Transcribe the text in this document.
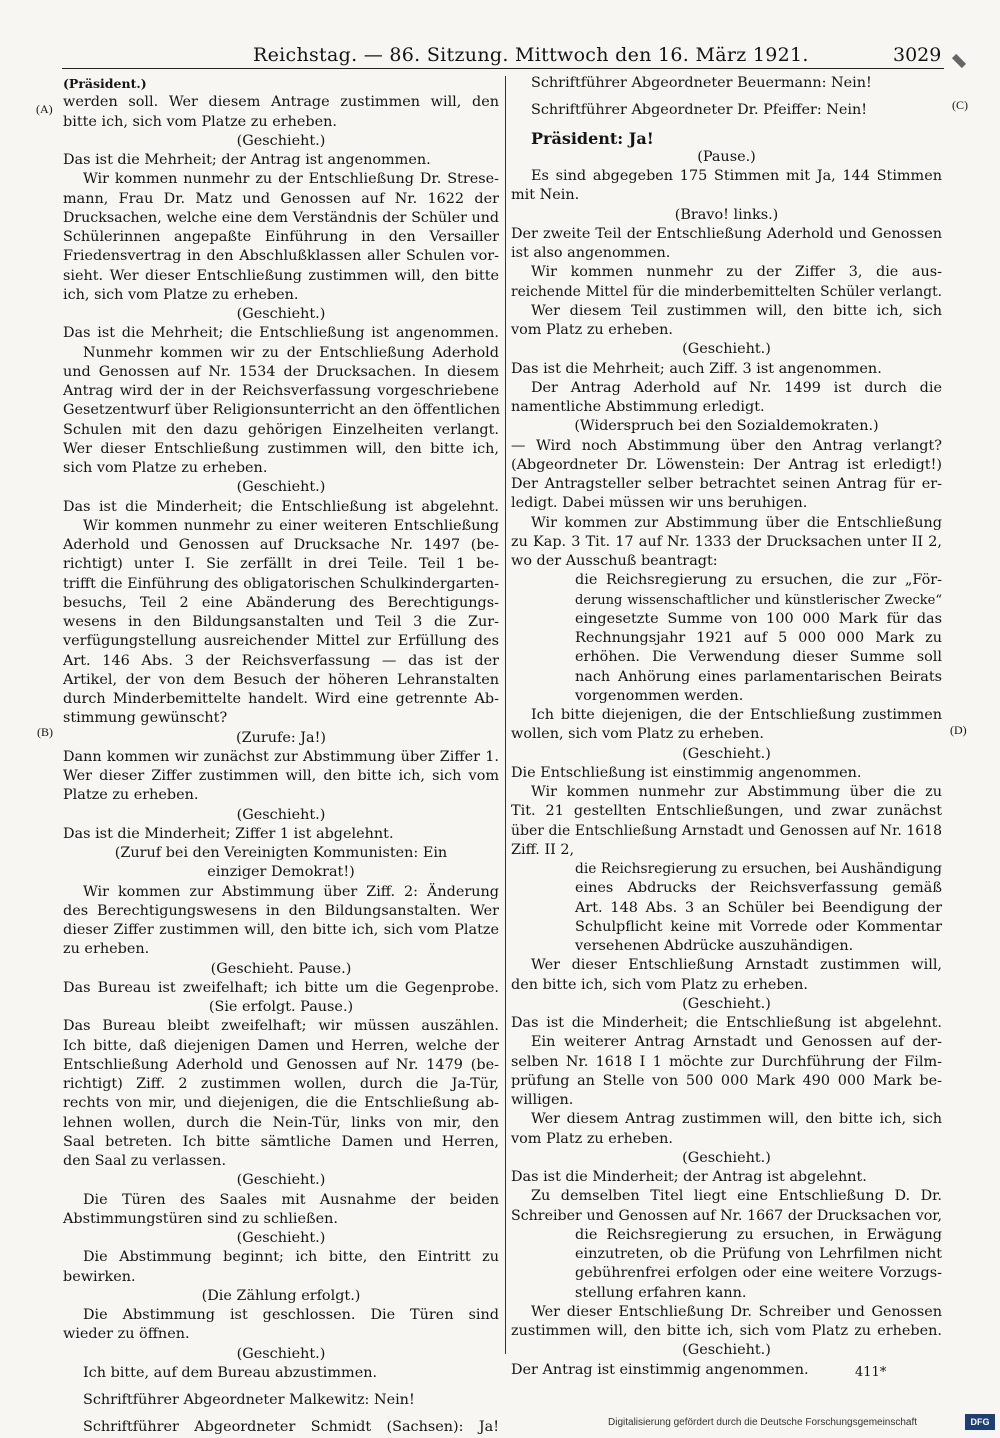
Reichstag. — 86. Sitzung. Mittwoch den 16. März 1921.	3029
(A)
(B)
(C)
(D)
(Präsident.)
werden soll. Wer diesem Antrage zustimmen will, den
bitte ich, sich vom Platze zu erheben.
(Geschieht.)
Das ist die Mehrheit; der Antrag ist angenommen.
Wir kommen nunmehr zu der Entschließung Dr. Strese-
mann, Frau Dr. Matz und Genossen auf Nr. 1622 der
Drucksachen, welche eine dem Verständnis der Schüler und
Schülerinnen angepaßte Einführung in den Versailler
Friedensvertrag in den Abschlußklassen aller Schulen vor-
sieht. Wer dieser Entschließung zustimmen will, den bitte
ich, sich vom Platze zu erheben.
(Geschieht.)
Das ist die Mehrheit; die Entschließung ist angenommen.
Nunmehr kommen wir zu der Entschließung Aderhold
und Genossen auf Nr. 1534 der Drucksachen. In diesem
Antrag wird der in der Reichsverfassung vorgeschriebene
Gesetzentwurf über Religionsunterricht an den öffentlichen
Schulen mit den dazu gehörigen Einzelheiten verlangt.
Wer dieser Entschließung zustimmen will, den bitte ich,
sich vom Platze zu erheben.
(Geschieht.)
Das ist die Minderheit; die Entschließung ist abgelehnt.
Wir kommen nunmehr zu einer weiteren Entschließung
Aderhold und Genossen auf Drucksache Nr. 1497 (be-
richtigt) unter I. Sie zerfällt in drei Teile. Teil 1 be-
trifft die Einführung des obligatorischen Schulkindergarten-
besuchs, Teil 2 eine Abänderung des Berechtigungs-
wesens in den Bildungsanstalten und Teil 3 die Zur-
verfügungstellung ausreichender Mittel zur Erfüllung des
Art. 146 Abs. 3 der Reichsverfassung — das ist der
Artikel, der von dem Besuch der höheren Lehranstalten
durch Minderbemittelte handelt. Wird eine getrennte Ab-
stimmung gewünscht?
(Zurufe: Ja!)
Dann kommen wir zunächst zur Abstimmung über Ziffer 1.
Wer dieser Ziffer zustimmen will, den bitte ich, sich vom
Platze zu erheben.
(Geschieht.)
Das ist die Minderheit; Ziffer 1 ist abgelehnt.
(Zuruf bei den Vereinigten Kommunisten: Ein
einziger Demokrat!)
Wir kommen zur Abstimmung über Ziff. 2: Änderung
des Berechtigungswesens in den Bildungsanstalten. Wer
dieser Ziffer zustimmen will, den bitte ich, sich vom Platze
zu erheben.
(Geschieht. Pause.)
Das Bureau ist zweifelhaft; ich bitte um die Gegenprobe.
(Sie erfolgt. Pause.)
Das Bureau bleibt zweifelhaft; wir müssen auszählen.
Ich bitte, daß diejenigen Damen und Herren, welche der
Entschließung Aderhold und Genossen auf Nr. 1479 (be-
richtigt) Ziff. 2 zustimmen wollen, durch die Ja-Tür,
rechts von mir, und diejenigen, die die Entschließung ab-
lehnen wollen, durch die Nein-Tür, links von mir, den
Saal betreten. Ich bitte sämtliche Damen und Herren,
den Saal zu verlassen.
(Geschieht.)
Die Türen des Saales mit Ausnahme der beiden
Abstimmungstüren sind zu schließen.
(Geschieht.)
Die Abstimmung beginnt; ich bitte, den Eintritt zu
bewirken.
(Die Zählung erfolgt.)
Die Abstimmung ist geschlossen. Die Türen sind
wieder zu öffnen.
(Geschieht.)
Ich bitte, auf dem Bureau abzustimmen.
Schriftführer Abgeordneter Malkewitz: Nein!
Schriftführer Abgeordneter Schmidt (Sachsen): Ja!
Schriftführer Abgeordneter Beuermann: Nein!
Schriftführer Abgeordneter Dr. Pfeiffer: Nein!
Präsident: Ja!
(Pause.)
Es sind abgegeben 175 Stimmen mit Ja, 144 Stimmen
mit Nein.
(Bravo! links.)
Der zweite Teil der Entschließung Aderhold und Genossen
ist also angenommen.
Wir kommen nunmehr zu der Ziffer 3, die aus-
reichende Mittel für die minderbemittelten Schüler verlangt.
Wer diesem Teil zustimmen will, den bitte ich, sich
vom Platz zu erheben.
(Geschieht.)
Das ist die Mehrheit; auch Ziff. 3 ist angenommen.
Der Antrag Aderhold auf Nr. 1499 ist durch die
namentliche Abstimmung erledigt.
(Widerspruch bei den Sozialdemokraten.)
— Wird noch Abstimmung über den Antrag verlangt?
(Abgeordneter Dr. Löwenstein: Der Antrag ist erledigt!)
Der Antragsteller selber betrachtet seinen Antrag für er-
ledigt. Dabei müssen wir uns beruhigen.
Wir kommen zur Abstimmung über die Entschließung
zu Kap. 3 Tit. 17 auf Nr. 1333 der Drucksachen unter II 2,
wo der Ausschuß beantragt:
die Reichsregierung zu ersuchen, die zur „För-
derung wissenschaftlicher und künstlerischer Zwecke“
eingesetzte Summe von 100 000 Mark für das
Rechnungsjahr 1921 auf 5 000 000 Mark zu
erhöhen. Die Verwendung dieser Summe soll
nach Anhörung eines parlamentarischen Beirats
vorgenommen werden.
Ich bitte diejenigen, die der Entschließung zustimmen
wollen, sich vom Platz zu erheben.
(Geschieht.)
Die Entschließung ist einstimmig angenommen.
Wir kommen nunmehr zur Abstimmung über die zu
Tit. 21 gestellten Entschließungen, und zwar zunächst
über die Entschließung Arnstadt und Genossen auf Nr. 1618
Ziff. II 2,
die Reichsregierung zu ersuchen, bei Aushändigung
eines Abdrucks der Reichsverfassung gemäß
Art. 148 Abs. 3 an Schüler bei Beendigung der
Schulpflicht keine mit Vorrede oder Kommentar
versehenen Abdrücke auszuhändigen.
Wer dieser Entschließung Arnstadt zustimmen will,
den bitte ich, sich vom Platz zu erheben.
(Geschieht.)
Das ist die Minderheit; die Entschließung ist abgelehnt.
Ein weiterer Antrag Arnstadt und Genossen auf der-
selben Nr. 1618 I 1 möchte zur Durchführung der Film-
prüfung an Stelle von 500 000 Mark 490 000 Mark be-
willigen.
Wer diesem Antrag zustimmen will, den bitte ich, sich
vom Platz zu erheben.
(Geschieht.)
Das ist die Minderheit; der Antrag ist abgelehnt.
Zu demselben Titel liegt eine Entschließung D. Dr.
Schreiber und Genossen auf Nr. 1667 der Drucksachen vor,
die Reichsregierung zu ersuchen, in Erwägung
einzutreten, ob die Prüfung von Lehrfilmen nicht
gebührenfrei erfolgen oder eine weitere Vorzugs-
stellung erfahren kann.
Wer dieser Entschließung Dr. Schreiber und Genossen
zustimmen will, den bitte ich, sich vom Platz zu erheben.
(Geschieht.)
Der Antrag ist einstimmig angenommen.	411*
Digitalisierung gefördert durch die Deutsche Forschungsgemeinschaft	DFG
